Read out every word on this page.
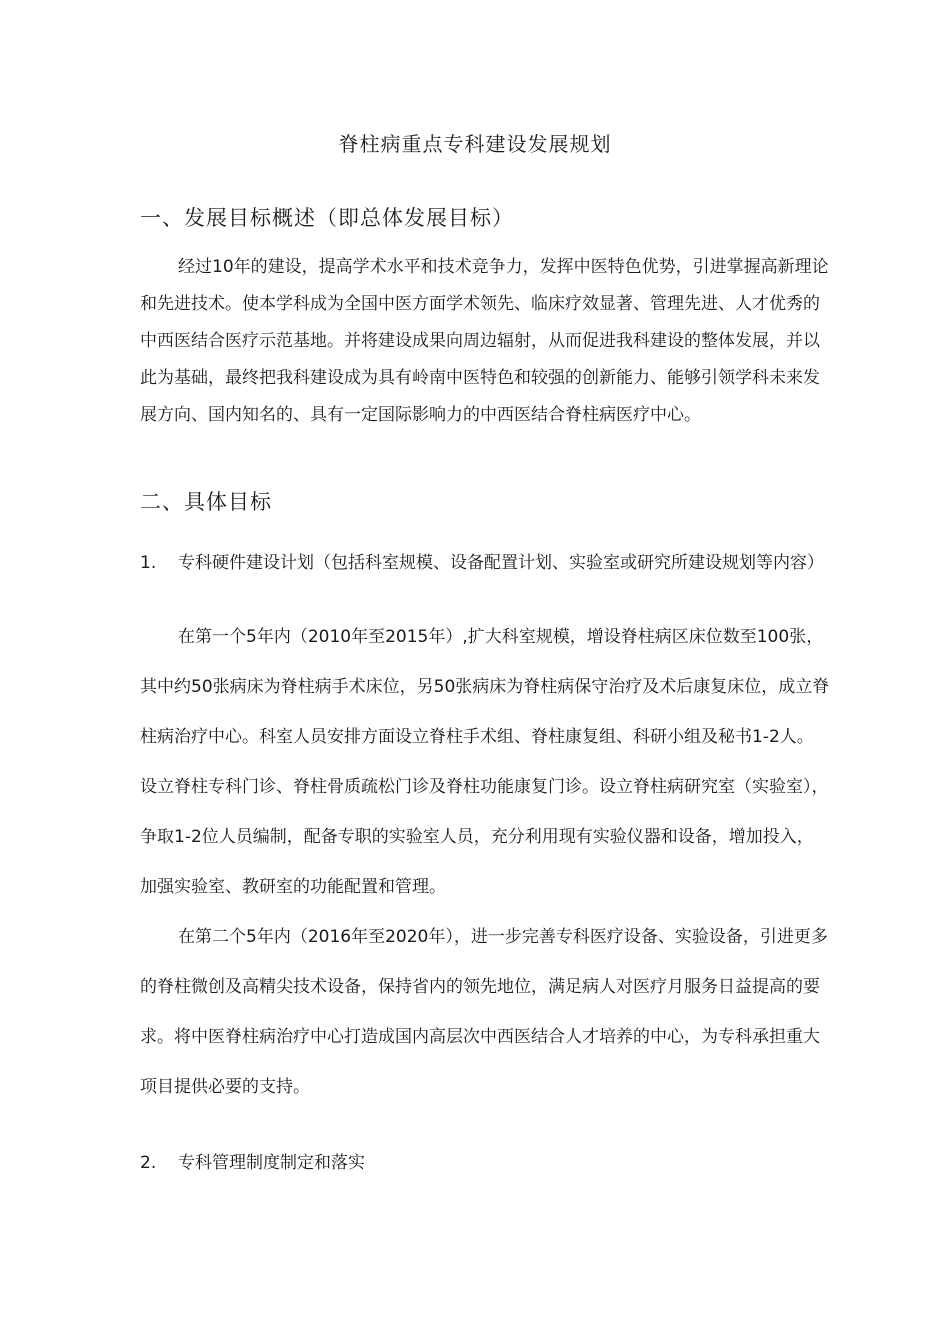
脊柱病重点专科建设发展规划
一、发展目标概述（即总体发展目标）
经过10年的建设，提高学术水平和技术竞争力，发挥中医特色优势，引进掌握高新理论和先进技术。使本学科成为全国中医方面学术领先、临床疗效显著、管理先进、人才优秀的中西医结合医疗示范基地。并将建设成果向周边辐射，从而促进我科建设的整体发展，并以此为基础，最终把我科建设成为具有岭南中医特色和较强的创新能力、能够引领学科未来发展方向、国内知名的、具有一定国际影响力的中西医结合脊柱病医疗中心。
二、具体目标
1. 专科硬件建设计划（包括科室规模、设备配置计划、实验室或研究所建设规划等内容）
在第一个5年内（2010年至2015年）,扩大科室规模，增设脊柱病区床位数至100张，其中约50张病床为脊柱病手术床位，另50张病床为脊柱病保守治疗及术后康复床位，成立脊柱病治疗中心。科室人员安排方面设立脊柱手术组、脊柱康复组、科研小组及秘书1-2人。设立脊柱专科门诊、脊柱骨质疏松门诊及脊柱功能康复门诊。设立脊柱病研究室（实验室），争取1-2位人员编制，配备专职的实验室人员，充分利用现有实验仪器和设备，增加投入，加强实验室、教研室的功能配置和管理。
在第二个5年内（2016年至2020年），进一步完善专科医疗设备、实验设备，引进更多的脊柱微创及高精尖技术设备，保持省内的领先地位，满足病人对医疗月服务日益提高的要求。将中医脊柱病治疗中心打造成国内高层次中西医结合人才培养的中心，为专科承担重大项目提供必要的支持。
2. 专科管理制度制定和落实
